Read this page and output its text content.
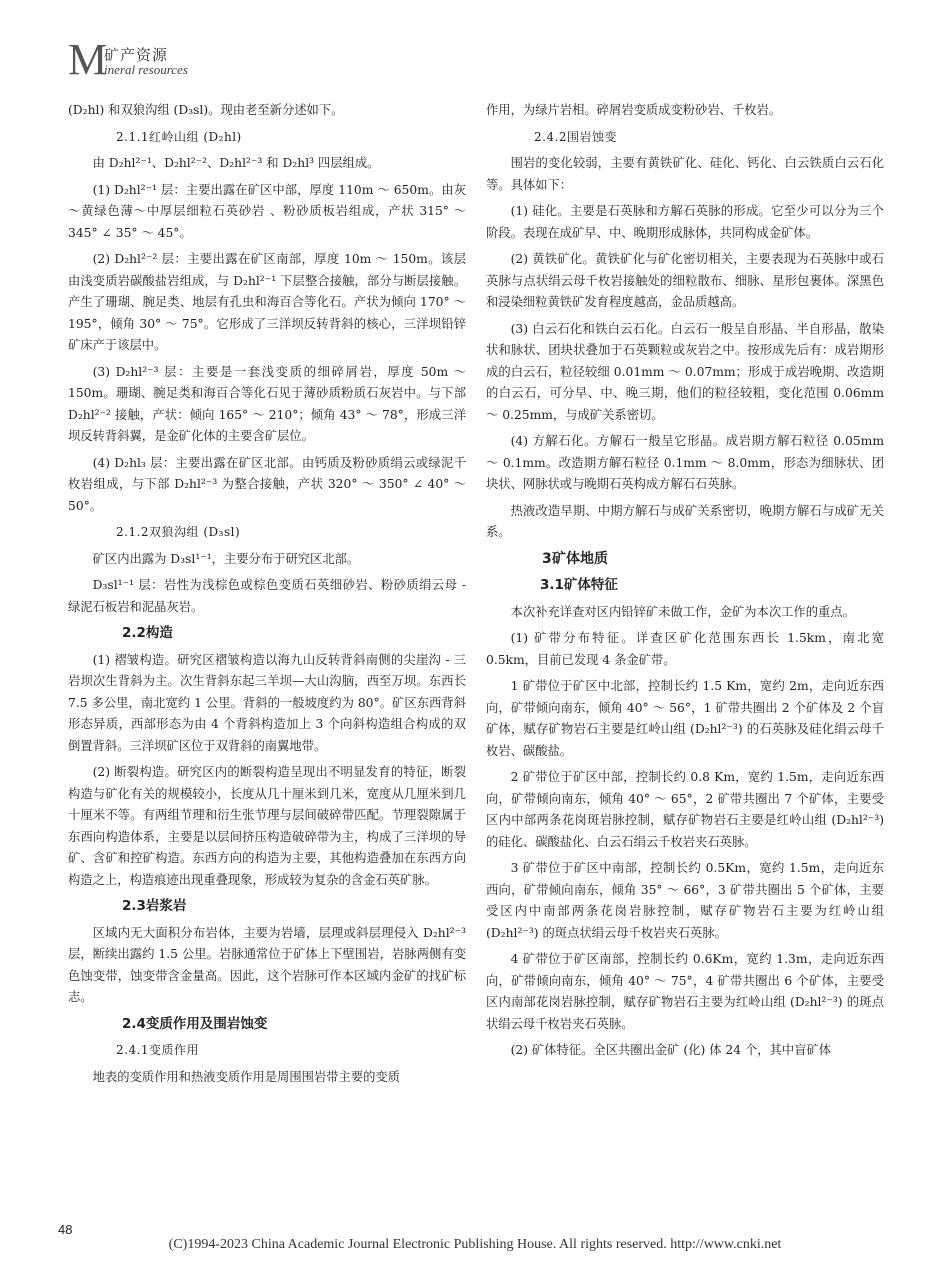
M
矿产资源
ineral resources

(D₂hl) 和双狼沟组 (D₃sl)。现由老至新分述如下。

2.1.1红岭山组 (D₂hl)

由 D₂hl²⁻¹、D₂hl²⁻²、D₂hl²⁻³ 和 D₂hl³ 四层组成。

(1) D₂hl²⁻¹ 层：主要出露在矿区中部，厚度 110m ～ 650m。由灰～黄绿色薄～中厚层细粒石英砂岩 、粉砂质板岩组成，产状 315° ～ 345° ∠ 35° ～ 45°。

(2) D₂hl²⁻² 层：主要出露在矿区南部，厚度 10m ～ 150m。该层由浅变质岩碳酸盐岩组成，与 D₂hl²⁻¹ 下层整合接触，部分与断层接触。产生了珊瑚、腕足类、地层有孔虫和海百合等化石。产状为倾向 170° ～ 195°，倾角 30° ～ 75°。它形成了三洋坝反转背斜的核心，三洋坝铅锌矿床产于该层中。

(3) D₂hl²⁻³ 层：主要是一套浅变质的细碎屑岩，厚度 50m ～ 150m。珊瑚、腕足类和海百合等化石见于薄砂质粉质石灰岩中。与下部 D₂hl²⁻² 接触，产状：倾向 165° ～ 210°；倾角 43° ～ 78°，形成三洋坝反转背斜翼，是金矿化体的主要含矿层位。

(4) D₂hl₃ 层：主要出露在矿区北部。由钙质及粉砂质绢云或绿泥千枚岩组成，与下部 D₂hl²⁻³ 为整合接触，产状 320° ～ 350° ∠ 40° ～ 50°。

2.1.2双狼沟组 (D₃sl)

矿区内出露为 D₃sl¹⁻¹，主要分布于研究区北部。

D₃sl¹⁻¹ 层：岩性为浅棕色或棕色变质石英细砂岩、粉砂质绢云母 - 绿泥石板岩和泥晶灰岩。

2.2构造

(1) 褶皱构造。研究区褶皱构造以海九山反转背斜南侧的尖崖沟 - 三岩坝次生背斜为主。次生背斜东起三羊坝—大山沟脑，西至万坝。东西长 7.5 多公里，南北宽约 1 公里。背斜的一般坡度约为 80°。矿区东西背斜形态异质，西部形态为由 4 个背斜构造加上 3 个向斜构造组合构成的双倒置背斜。三洋坝矿区位于双背斜的南翼地带。

(2) 断裂构造。研究区内的断裂构造呈现出不明显发育的特征，断裂构造与矿化有关的规模较小，长度从几十厘米到几米，宽度从几厘米到几十厘米不等。有两组节理和衍生张节理与层间破碎带匹配。节理裂隙属于东西向构造体系，主要是以层间挤压构造破碎带为主，构成了三洋坝的导矿、含矿和控矿构造。东西方向的构造为主要，其他构造叠加在东西方向构造之上，构造痕迹出现重叠现象，形成较为复杂的含金石英矿脉。

2.3岩浆岩

区域内无大面积分布岩体，主要为岩墙，层理或斜层理侵入 D₂hl²⁻³ 层，断续出露约 1.5 公里。岩脉通常位于矿体上下壁围岩，岩脉两侧有变色蚀变带，蚀变带含金量高。因此，这个岩脉可作本区域内金矿的找矿标志。

2.4变质作用及围岩蚀变

2.4.1变质作用

地表的变质作用和热液变质作用是周围围岩带主要的变质

作用，为绿片岩相。碎屑岩变质成变粉砂岩、千枚岩。

2.4.2围岩蚀变

围岩的变化较弱，主要有黄铁矿化、硅化、钙化、白云铁质白云石化等。具体如下：

(1) 硅化。主要是石英脉和方解石英脉的形成。它至少可以分为三个阶段。表现在成矿早、中、晚期形成脉体，共同构成金矿体。

(2) 黄铁矿化。黄铁矿化与矿化密切相关，主要表现为石英脉中或石英脉与点状绢云母千枚岩接触处的细粒散布、细脉、星形包裹体。深黑色和浸染细粒黄铁矿发育程度越高，金品质越高。

(3) 白云石化和铁白云石化。白云石一般呈自形晶、半自形晶，散染状和脉状、团块状叠加于石英颗粒或灰岩之中。按形成先后有：成岩期形成的白云石，粒径较细 0.01mm ～ 0.07mm；形成于成岩晚期、改造期的白云石，可分早、中、晚三期，他们的粒径较粗，变化范围 0.06mm ～ 0.25mm，与成矿关系密切。

(4) 方解石化。方解石一般呈它形晶。成岩期方解石粒径 0.05mm ～ 0.1mm。改造期方解石粒径 0.1mm ～ 8.0mm，形态为细脉状、团块状、网脉状或与晚期石英构成方解石石英脉。

热液改造早期、中期方解石与成矿关系密切，晚期方解石与成矿无关系。

3矿体地质

3.1矿体特征

本次补充详查对区内铅锌矿未做工作，金矿为本次工作的重点。

(1) 矿带分布特征。详查区矿化范围东西长 1.5km，南北宽 0.5km，目前已发现 4 条金矿带。

1 矿带位于矿区中北部，控制长约 1.5 Km，宽约 2m，走向近东西向，矿带倾向南东，倾角 40° ～ 56°，1 矿带共圈出 2 个矿体及 2 个盲矿体，赋存矿物岩石主要是红岭山组 (D₂hl²⁻³) 的石英脉及硅化绢云母千枚岩、碳酸盐。

2 矿带位于矿区中部，控制长约 0.8 Km，宽约 1.5m，走向近东西向，矿带倾向南东，倾角 40° ～ 65°，2 矿带共圈出 7 个矿体，主要受区内中部两条花岗斑岩脉控制，赋存矿物岩石主要是红岭山组 (D₂hl²⁻³) 的硅化、碳酸盐化、白云石绢云千枚岩夹石英脉。

3 矿带位于矿区中南部，控制长约 0.5Km，宽约 1.5m，走向近东西向，矿带倾向南东，倾角 35° ～ 66°，3 矿带共圈出 5 个矿体，主要受区内中南部两条花岗岩脉控制，赋存矿物岩石主要为红岭山组 (D₂hl²⁻³) 的斑点状绢云母千枚岩夹石英脉。

4 矿带位于矿区南部，控制长约 0.6Km，宽约 1.3m，走向近东西向，矿带倾向南东，倾角 40° ～ 75°，4 矿带共圈出 6 个矿体，主要受区内南部花岗岩脉控制，赋存矿物岩石主要为红岭山组 (D₂hl²⁻³) 的斑点状绢云母千枚岩夹石英脉。

(2) 矿体特征。全区共圈出金矿 (化) 体 24 个，其中盲矿体

48
(C)1994-2023 China Academic Journal Electronic Publishing House. All rights reserved. http://www.cnki.net
